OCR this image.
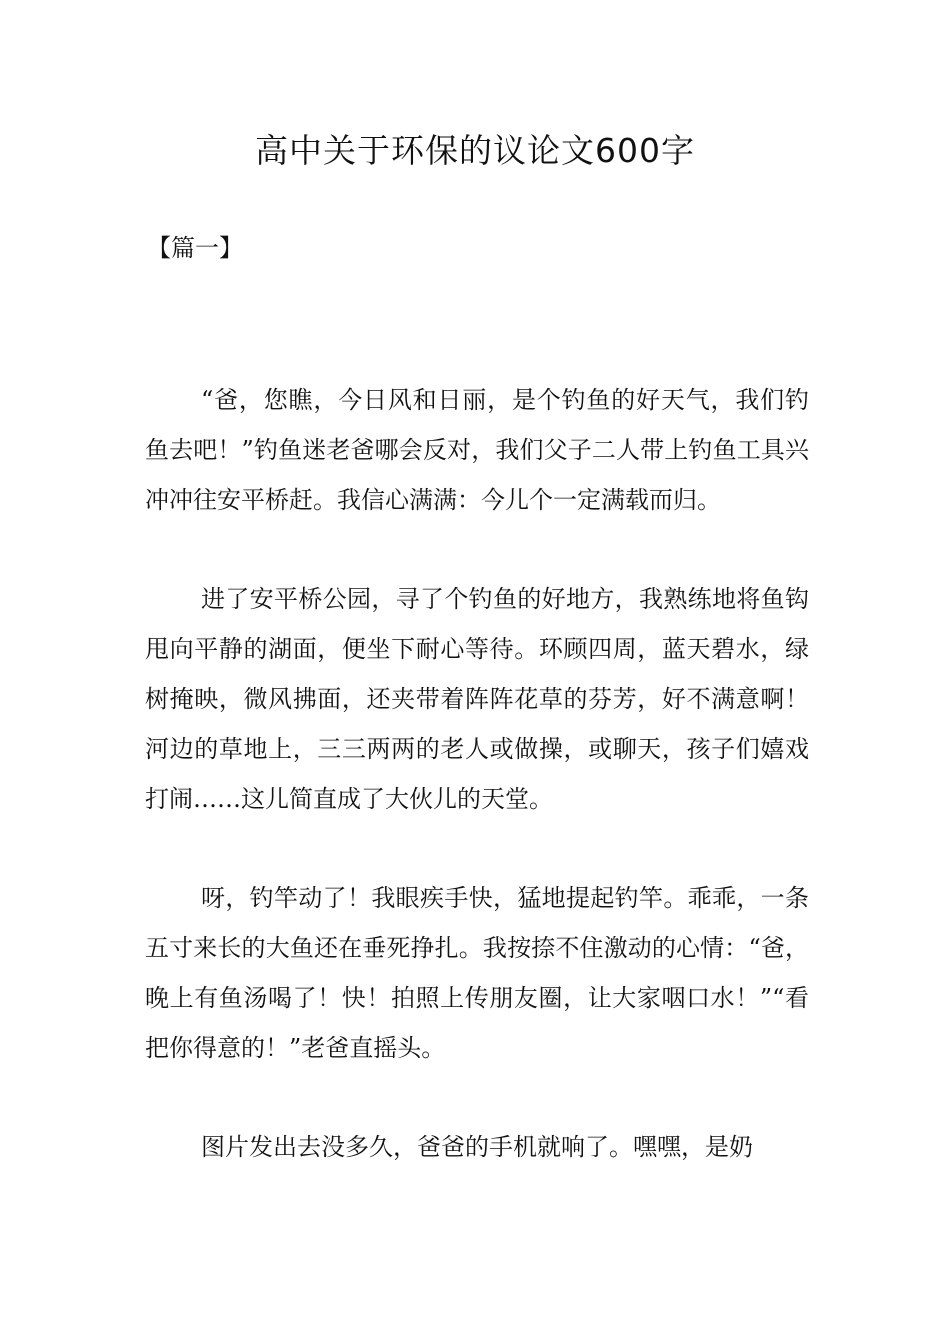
高中关于环保的议论文600字

【篇一】

“爸，您瞧，今日风和日丽，是个钓鱼的好天气，我们钓鱼去吧！”钓鱼迷老爸哪会反对，我们父子二人带上钓鱼工具兴冲冲往安平桥赶。我信心满满：今儿个一定满载而归。

进了安平桥公园，寻了个钓鱼的好地方，我熟练地将鱼钩甩向平静的湖面，便坐下耐心等待。环顾四周，蓝天碧水，绿树掩映，微风拂面，还夹带着阵阵花草的芬芳，好不满意啊！河边的草地上，三三两两的老人或做操，或聊天，孩子们嬉戏打闹……这儿简直成了大伙儿的天堂。

呀，钓竿动了！我眼疾手快，猛地提起钓竿。乖乖，一条五寸来长的大鱼还在垂死挣扎。我按捺不住激动的心情：“爸，晚上有鱼汤喝了！快！拍照上传朋友圈，让大家咽口水！”“看把你得意的！”老爸直摇头。

图片发出去没多久，爸爸的手机就响了。嘿嘿，是奶
